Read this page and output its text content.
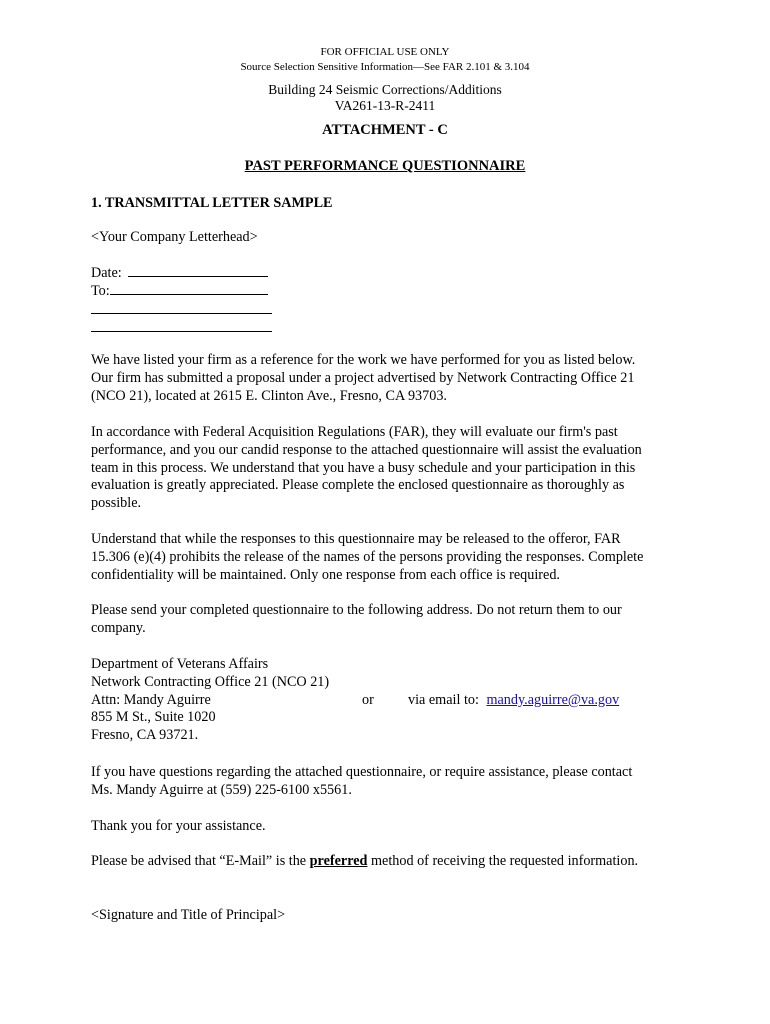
FOR OFFICIAL USE ONLY
Source Selection Sensitive Information—See FAR 2.101 & 3.104
Building 24 Seismic Corrections/Additions
VA261-13-R-2411
ATTACHMENT - C
PAST PERFORMANCE QUESTIONNAIRE
1. TRANSMITTAL LETTER SAMPLE
<Your Company Letterhead>
Date:
To:

We have listed your firm as a reference for the work we have performed for you as listed below.

Our firm has submitted a proposal under a project advertised by Network Contracting Office 21

(NCO 21), located at 2615 E. Clinton Ave., Fresno, CA 93703.

In accordance with Federal Acquisition Regulations (FAR), they will evaluate our firm's past

performance, and you our candid response to the attached questionnaire will assist the evaluation

team in this process. We understand that you have a busy schedule and your participation in this

evaluation is greatly appreciated. Please complete the enclosed questionnaire as thoroughly as

possible.

Understand that while the responses to this questionnaire may be released to the offeror, FAR

15.306 (e)(4) prohibits the release of the names of the persons providing the responses. Complete

confidentiality will be maintained. Only one response from each office is required.

Please send your completed questionnaire to the following address. Do not return them to our

company.

Department of Veterans Affairs

Network Contracting Office 21 (NCO 21)

Attn: Mandy Aguirre

855 M St., Suite 1020

Fresno, CA 93721.

or via email to: mandy.aguirre@va.gov

If you have questions regarding the attached questionnaire, or require assistance, please contact

Ms. Mandy Aguirre at (559) 225-6100 x5561.

Thank you for your assistance.
Please be advised that “E-Mail” is the preferred method of receiving the requested information.
<Signature and Title of Principal>
